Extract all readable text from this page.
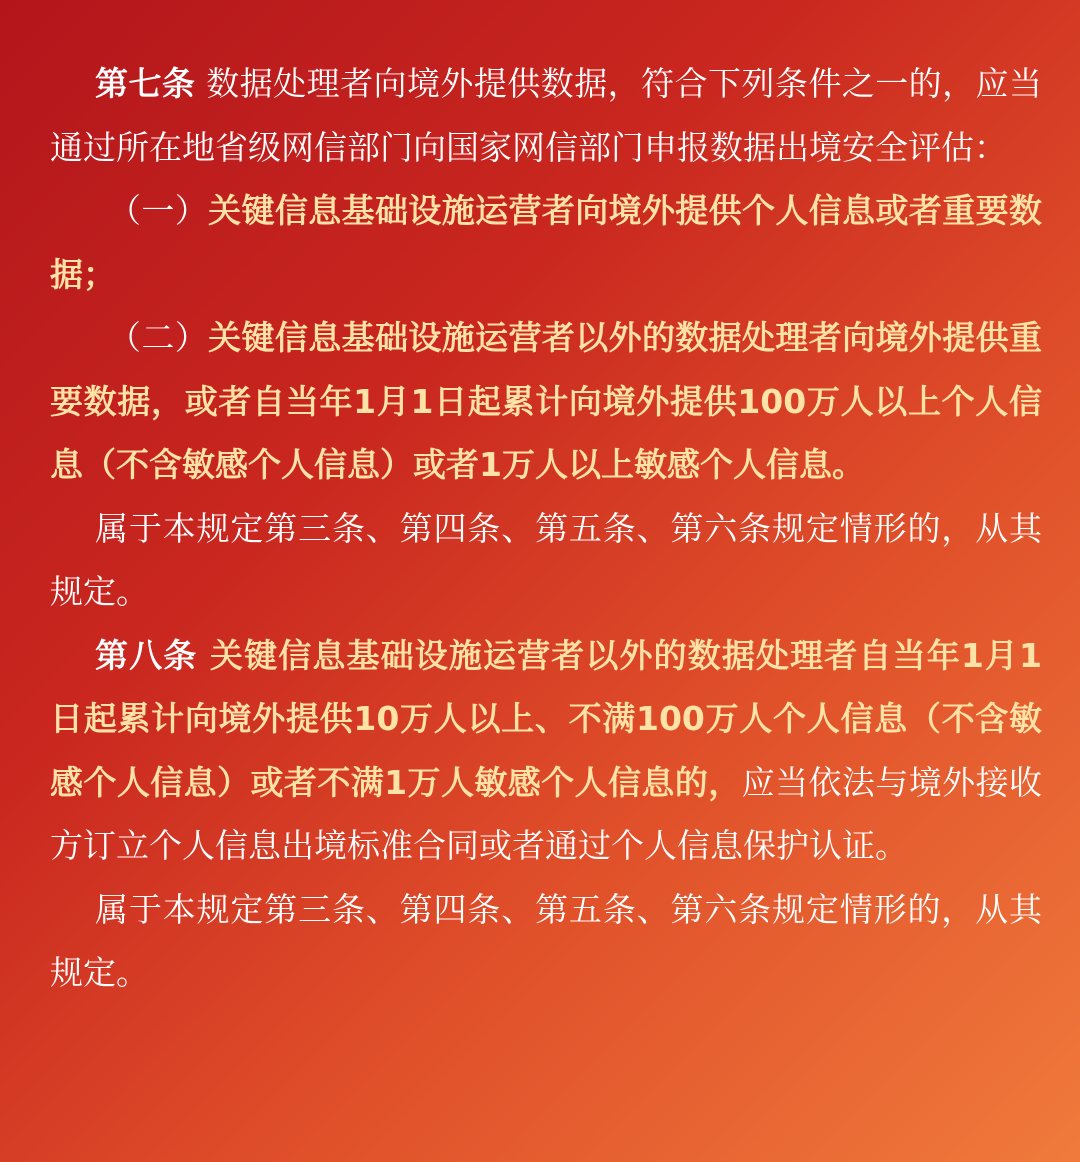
第七条 数据处理者向境外提供数据，符合下列条件之一的，应当通过所在地省级网信部门向国家网信部门申报数据出境安全评估：

（一）关键信息基础设施运营者向境外提供个人信息或者重要数据；

（二）关键信息基础设施运营者以外的数据处理者向境外提供重要数据，或者自当年1月1日起累计向境外提供100万人以上个人信息（不含敏感个人信息）或者1万人以上敏感个人信息。

属于本规定第三条、第四条、第五条、第六条规定情形的，从其规定。

第八条 关键信息基础设施运营者以外的数据处理者自当年1月1日起累计向境外提供10万人以上、不满100万人个人信息（不含敏感个人信息）或者不满1万人敏感个人信息的，应当依法与境外接收方订立个人信息出境标准合同或者通过个人信息保护认证。

属于本规定第三条、第四条、第五条、第六条规定情形的，从其规定。
